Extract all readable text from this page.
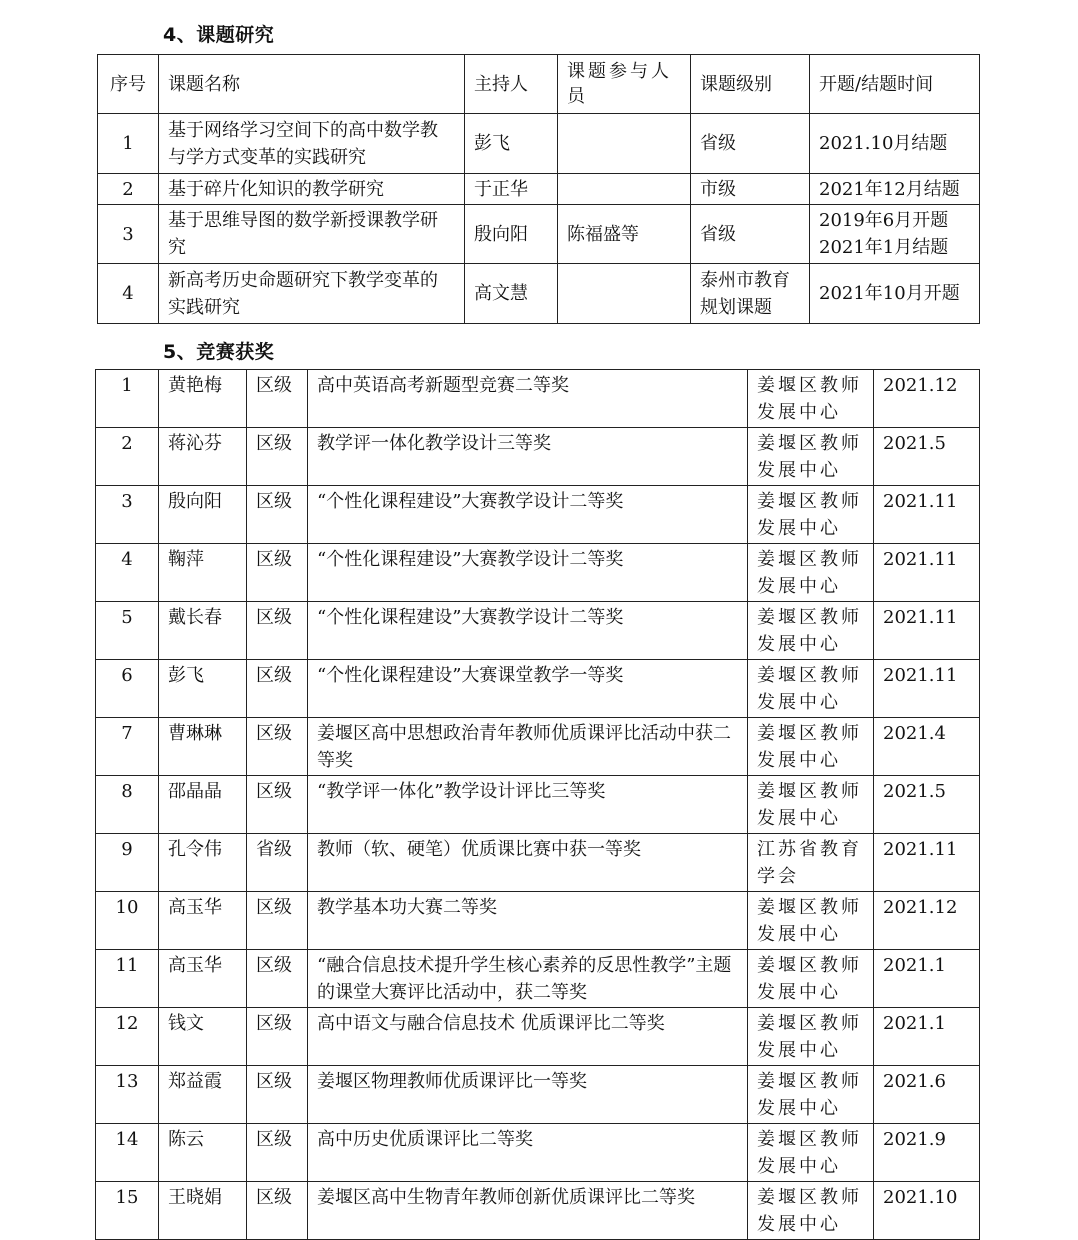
4、课题研究
序号	课题名称	主持人	课题参与人员	课题级别	开题/结题时间
1	基于网络学习空间下的高中数学教与学方式变革的实践研究	彭飞		省级	2021.10月结题
2	基于碎片化知识的教学研究	于正华		市级	2021年12月结题
3	基于思维导图的数学新授课教学研究	殷向阳	陈福盛等	省级	2019年6月开题 2021年1月结题
4	新高考历史命题研究下教学变革的实践研究	高文慧		泰州市教育规划课题	2021年10月开题
5、竞赛获奖
1	黄艳梅	区级	高中英语高考新题型竞赛二等奖	姜堰区教师发展中心	2021.12
2	蒋沁芬	区级	教学评一体化教学设计三等奖	姜堰区教师发展中心	2021.5
3	殷向阳	区级	“个性化课程建设”大赛教学设计二等奖	姜堰区教师发展中心	2021.11
4	鞠萍	区级	“个性化课程建设”大赛教学设计二等奖	姜堰区教师发展中心	2021.11
5	戴长春	区级	“个性化课程建设”大赛教学设计二等奖	姜堰区教师发展中心	2021.11
6	彭飞	区级	“个性化课程建设”大赛课堂教学一等奖	姜堰区教师发展中心	2021.11
7	曹琳琳	区级	姜堰区高中思想政治青年教师优质课评比活动中获二等奖	姜堰区教师发展中心	2021.4
8	邵晶晶	区级	“教学评一体化”教学设计评比三等奖	姜堰区教师发展中心	2021.5
9	孔令伟	省级	教师（软、硬笔）优质课比赛中获一等奖	江苏省教育学会	2021.11
10	高玉华	区级	教学基本功大赛二等奖	姜堰区教师发展中心	2021.12
11	高玉华	区级	“融合信息技术提升学生核心素养的反思性教学”主题的课堂大赛评比活动中，获二等奖	姜堰区教师发展中心	2021.1
12	钱文	区级	高中语文与融合信息技术 优质课评比二等奖	姜堰区教师发展中心	2021.1
13	郑益霞	区级	姜堰区物理教师优质课评比一等奖	姜堰区教师发展中心	2021.6
14	陈云	区级	高中历史优质课评比二等奖	姜堰区教师发展中心	2021.9
15	王晓娟	区级	姜堰区高中生物青年教师创新优质课评比二等奖	姜堰区教师发展中心	2021.10
